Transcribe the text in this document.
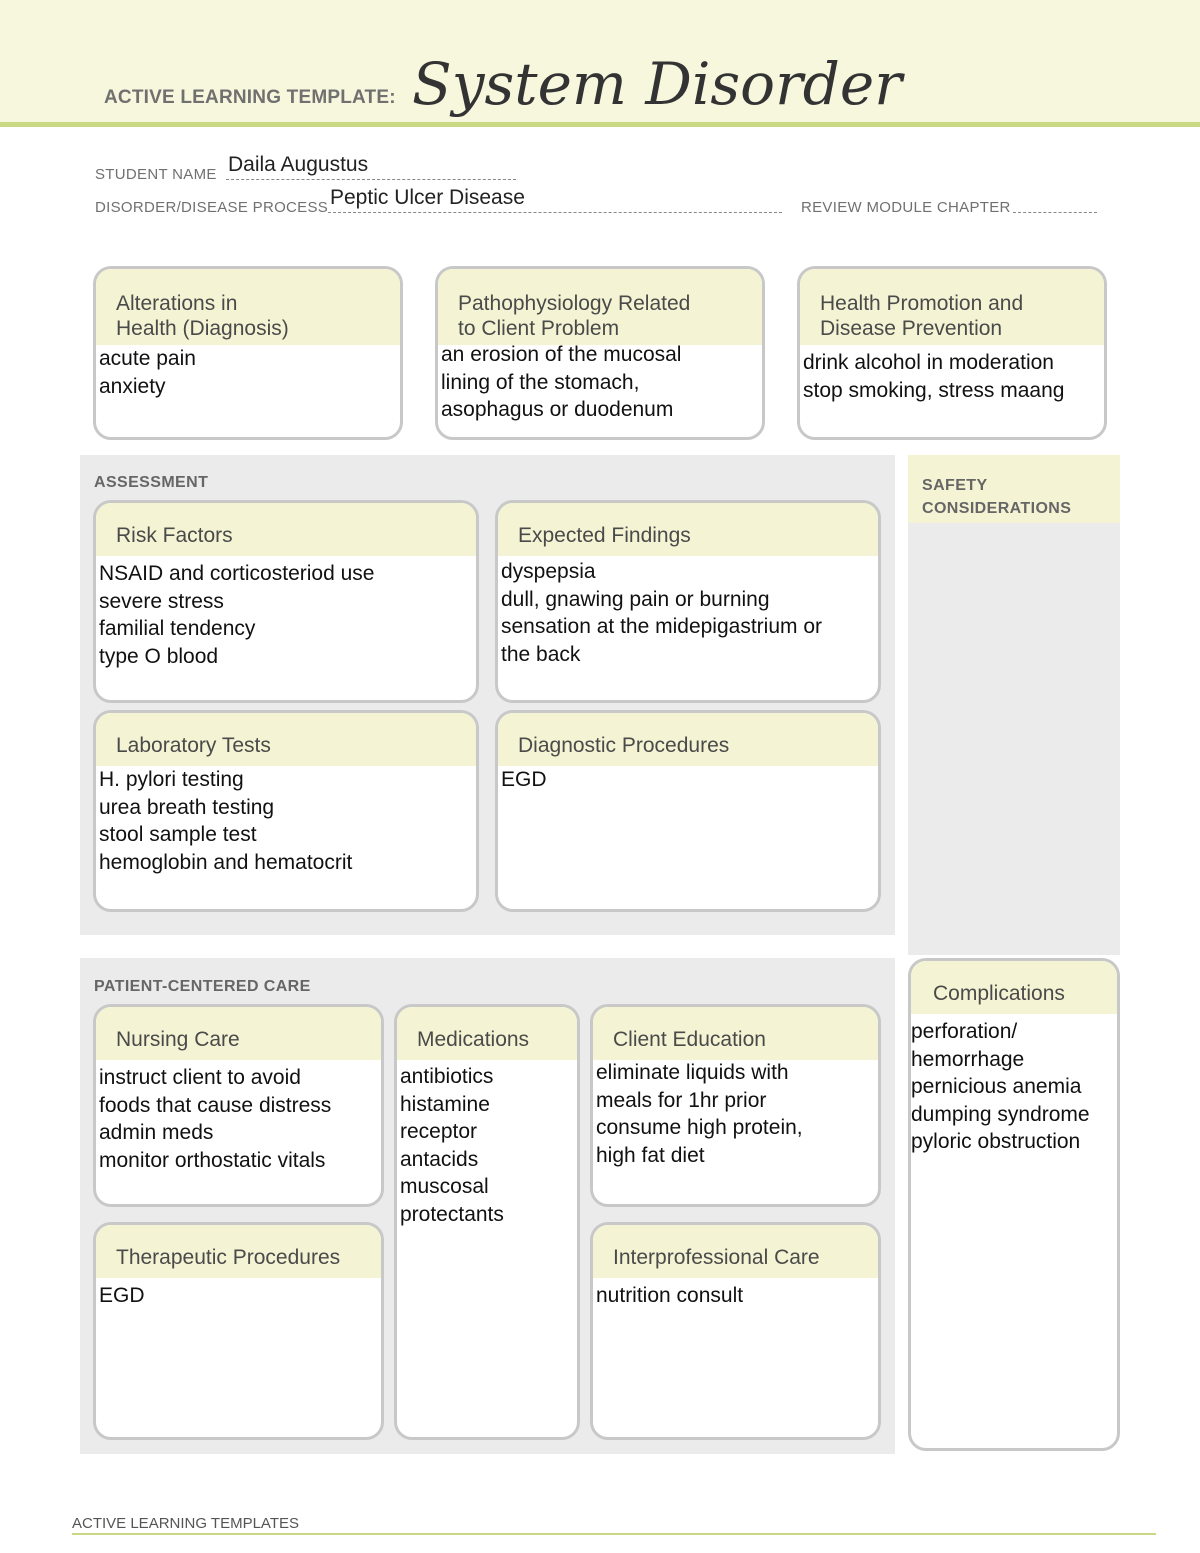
ACTIVE LEARNING TEMPLATE: System Disorder
STUDENT NAME Daila Augustus
DISORDER/DISEASE PROCESS Peptic Ulcer Disease	REVIEW MODULE CHAPTER
Alterations in
Health (Diagnosis)
acute pain
anxiety
Pathophysiology Related
to Client Problem
an erosion of the mucosal
lining of the stomach,
asophagus or duodenum
Health Promotion and
Disease Prevention
drink alcohol in moderation
stop smoking, stress maang
ASSESSMENT
Risk Factors
NSAID and corticosteriod use
severe stress
familial tendency
type O blood
Expected Findings
dyspepsia
dull, gnawing pain or burning
sensation at the midepigastrium or
the back
Laboratory Tests
H. pylori testing
urea breath testing
stool sample test
hemoglobin and hematocrit
Diagnostic Procedures
EGD
SAFETY
CONSIDERATIONS
PATIENT-CENTERED CARE
Nursing Care
instruct client to avoid
foods that cause distress
admin meds
monitor orthostatic vitals
Medications
antibiotics
histamine
receptor
antacids
muscosal
protectants
Client Education
eliminate liquids with
meals for 1hr prior
consume high protein,
high fat diet
Therapeutic Procedures
EGD
Interprofessional Care
nutrition consult
Complications
perforation/
hemorrhage
pernicious anemia
dumping syndrome
pyloric obstruction
ACTIVE LEARNING TEMPLATES
